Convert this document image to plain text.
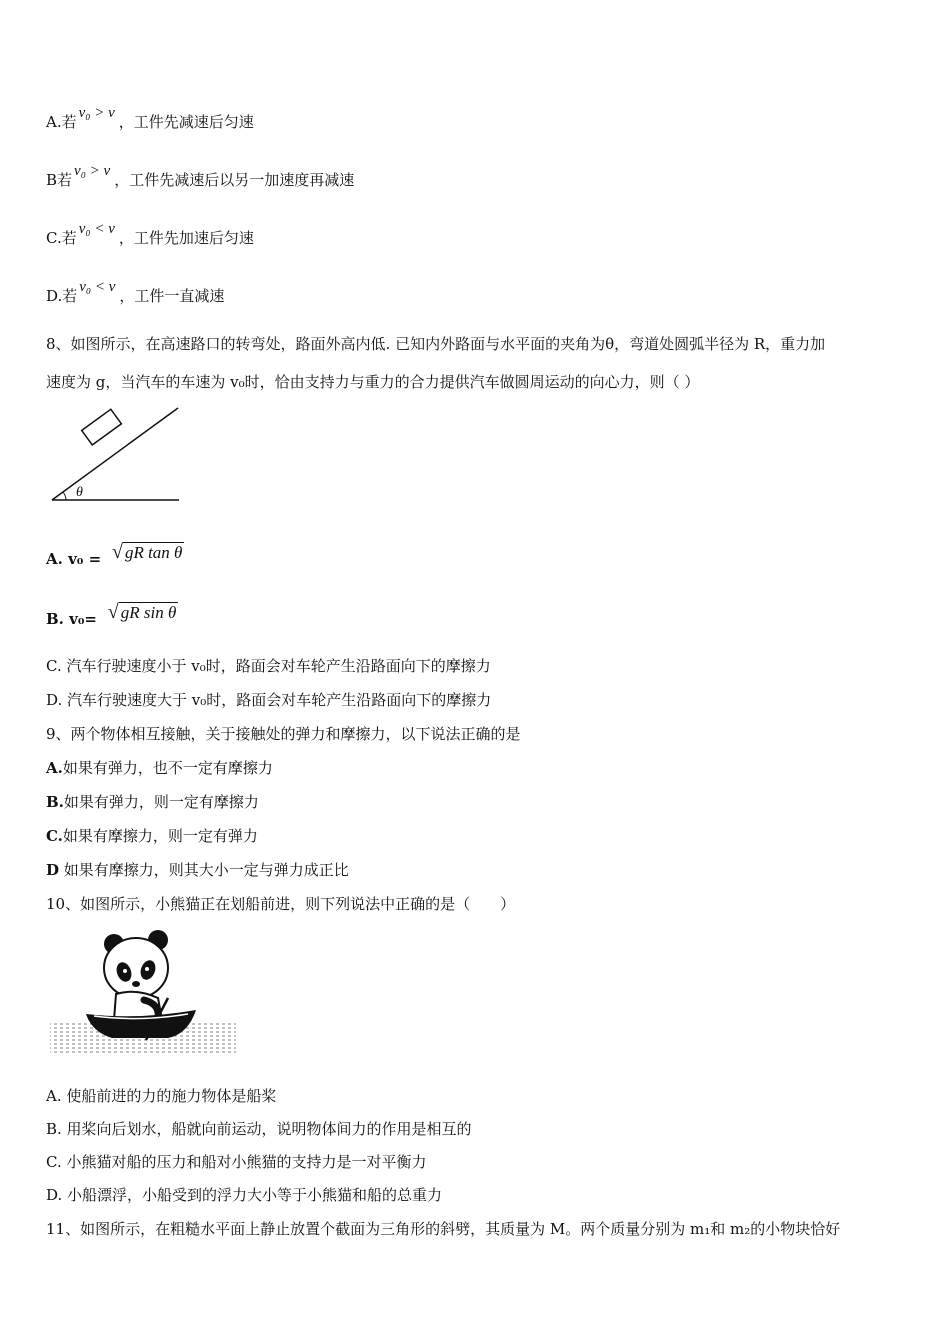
A.若 v₀ > v ，工件先减速后匀速
B若 v₀ > v ，工件先减速后以另一加速度再减速
C.若 v₀ < v ，工件先加速后匀速
D.若 v₀ < v ，工件一直减速
8、如图所示，在高速路口的转弯处，路面外高内低. 已知内外路面与水平面的夹角为θ，弯道处圆弧半径为 R，重力加
速度为 g，当汽车的车速为 v₀时，恰由支持力与重力的合力提供汽车做圆周运动的向心力，则（ ）
θ
A. v₀ = √ gR tan θ
B. v₀= √ gR sin θ
C. 汽车行驶速度小于 v₀时，路面会对车轮产生沿路面向下的摩擦力
D. 汽车行驶速度大于 v₀时，路面会对车轮产生沿路面向下的摩擦力
9、两个物体相互接触，关于接触处的弹力和摩擦力，以下说法正确的是
A.如果有弹力，也不一定有摩擦力
B.如果有弹力，则一定有摩擦力
C.如果有摩擦力，则一定有弹力
D 如果有摩擦力，则其大小一定与弹力成正比
10、如图所示，小熊猫正在划船前进，则下列说法中正确的是（　　）
A. 使船前进的力的施力物体是船桨
B. 用桨向后划水，船就向前运动，说明物体间力的作用是相互的
C. 小熊猫对船的压力和船对小熊猫的支持力是一对平衡力
D. 小船漂浮，小船受到的浮力大小等于小熊猫和船的总重力
11、如图所示，在粗糙水平面上静止放置个截面为三角形的斜劈，其质量为 M。两个质量分别为 m₁和 m₂的小物块恰好
